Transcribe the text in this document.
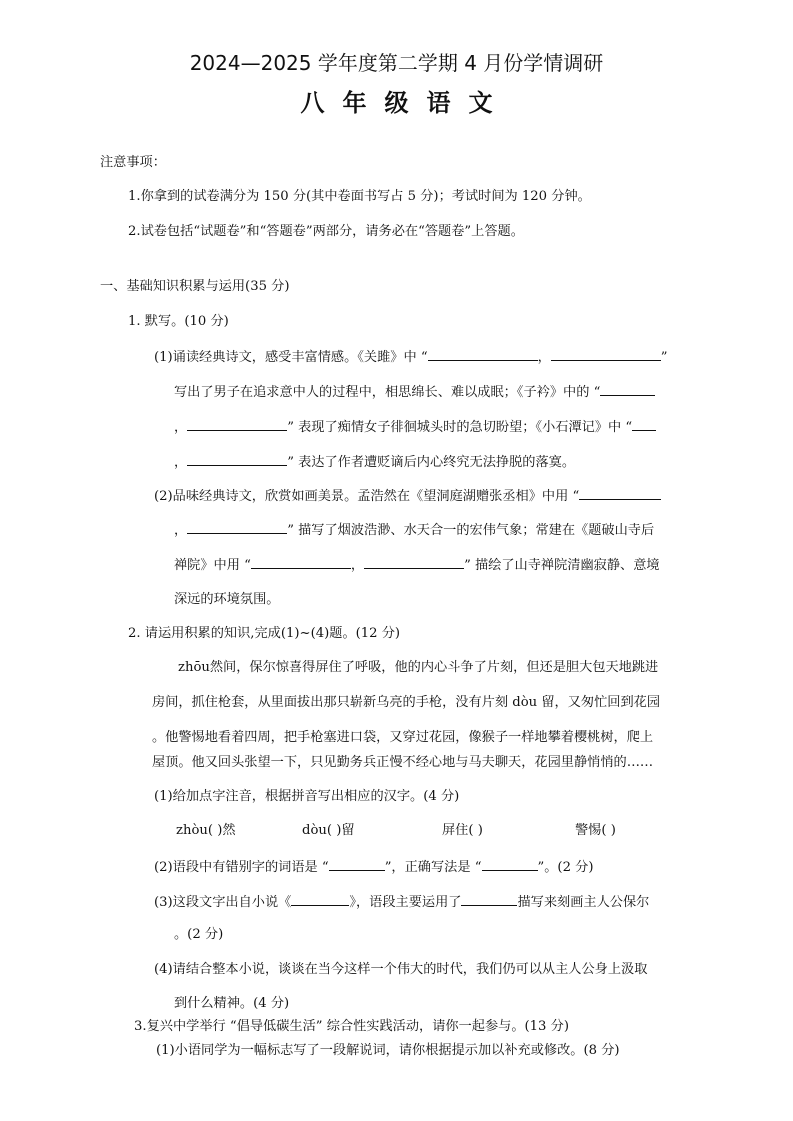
2024—2025 学年度第二学期 4 月份学情调研
八年级语文
注意事项：
1.你拿到的试卷满分为 150 分(其中卷面书写占 5 分)；考试时间为 120 分钟。
2.试卷包括“试题卷”和“答题卷”两部分，请务必在“答题卷”上答题。
一、基础知识积累与运用(35 分)
1. 默写。(10 分)
(1)诵读经典诗文，感受丰富情感。《关雎》中 “	，	”
写出了男子在追求意中人的过程中，相思绵长、难以成眠；《子衿》中的 “
，	” 表现了痴情女子徘徊城头时的急切盼望；《小石潭记》中 “
，	” 表达了作者遭贬谪后内心终究无法挣脱的落寞。
(2)品味经典诗文，欣赏如画美景。孟浩然在《望洞庭湖赠张丞相》中用 “
，	” 描写了烟波浩渺、水天合一的宏伟气象；常建在《题破山寺后
禅院》中用 “	，	” 描绘了山寺禅院清幽寂静、意境
深远的环境氛围。
2. 请运用积累的知识,完成(1)~(4)题。(12 分)
zhōu然间，保尔惊喜得屏住了呼吸，他的内心斗争了片刻，但还是胆大包天地跳进
房间，抓住枪套，从里面拔出那只崭新乌亮的手枪，没有片刻 dòu 留，又匆忙回到花园
。他警惕地看着四周，把手枪塞进口袋，又穿过花园，像猴子一样地攀着樱桃树，爬上
屋顶。他又回头张望一下，只见勤务兵正慢不经心地与马夫聊天，花园里静悄悄的……
(1)给加点字注音，根据拼音写出相应的汉字。(4 分)
zhòu( )然	dòu( )留	屏住( )	警惕( )
(2)语段中有错别字的词语是 “	”，正确写法是 “	”。(2 分)
(3)这段文字出自小说《	》，语段主要运用了	描写来刻画主人公保尔
。(2 分)
(4)请结合整本小说，谈谈在当今这样一个伟大的时代，我们仍可以从主人公身上汲取
到什么精神。(4 分)
3.复兴中学举行 “倡导低碳生活” 综合性实践活动，请你一起参与。(13 分)
(1)小语同学为一幅标志写了一段解说词，请你根据提示加以补充或修改。(8 分)
